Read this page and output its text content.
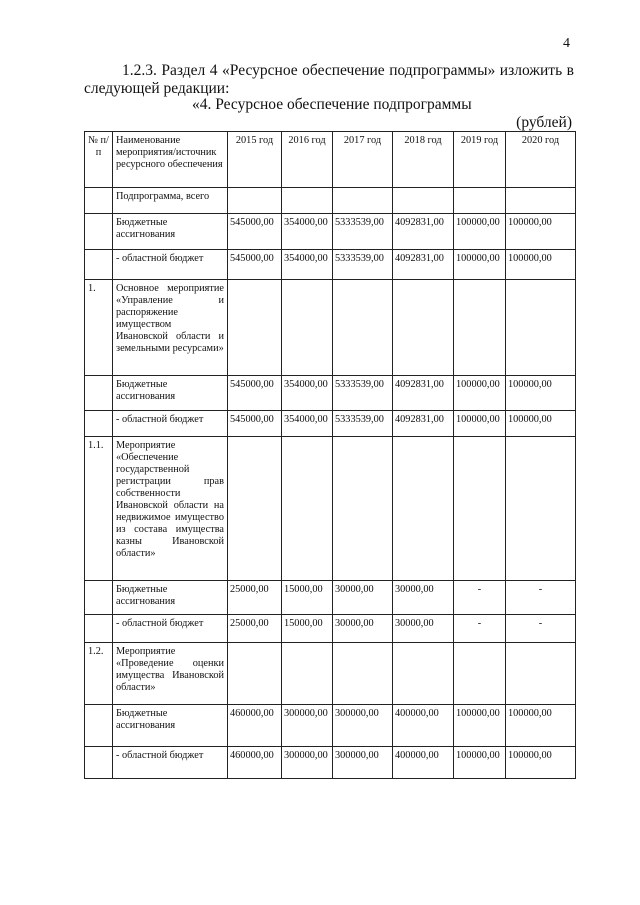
4
1.2.3. Раздел 4 «Ресурсное обеспечение подпрограммы» изложить в
следующей редакции:
«4. Ресурсное обеспечение подпрограммы
(рублей)
№ п/п	Наименование мероприятия/источник ресурсного обеспечения	2015 год	2016 год	2017 год	2018 год	2019 год	2020 год
	Подпрограмма, всего						
	Бюджетные ассигнования	545000,00	354000,00	5333539,00	4092831,00	100000,00	100000,00
	- областной бюджет	545000,00	354000,00	5333539,00	4092831,00	100000,00	100000,00
1.	Основное мероприятие «Управление и распоряжение имуществом Ивановской области и земельными ресурсами»						
	Бюджетные ассигнования	545000,00	354000,00	5333539,00	4092831,00	100000,00	100000,00
	- областной бюджет	545000,00	354000,00	5333539,00	4092831,00	100000,00	100000,00
1.1.	Мероприятие «Обеспечение государственной регистрации прав собственности Ивановской области на недвижимое имущество из состава имущества казны Ивановской области»						
	Бюджетные ассигнования	25000,00	15000,00	30000,00	30000,00	-	-
	- областной бюджет	25000,00	15000,00	30000,00	30000,00	-	-
1.2.	Мероприятие «Проведение оценки имущества Ивановской области»						
	Бюджетные ассигнования	460000,00	300000,00	300000,00	400000,00	100000,00	100000,00
	- областной бюджет	460000,00	300000,00	300000,00	400000,00	100000,00	100000,00
